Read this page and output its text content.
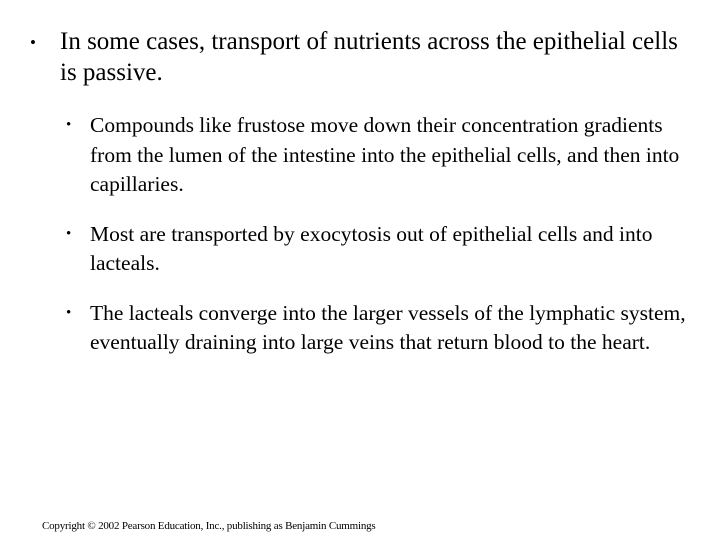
• In some cases, transport of nutrients across the epithelial cells is passive.
• Compounds like frustose move down their concentration gradients from the lumen of the intestine into the epithelial cells, and then into capillaries.
• Most are transported by exocytosis out of epithelial cells and into lacteals.
• The lacteals converge into the larger vessels of the lymphatic system, eventually draining into large veins that return blood to the heart.
Copyright © 2002 Pearson Education, Inc., publishing as Benjamin Cummings
